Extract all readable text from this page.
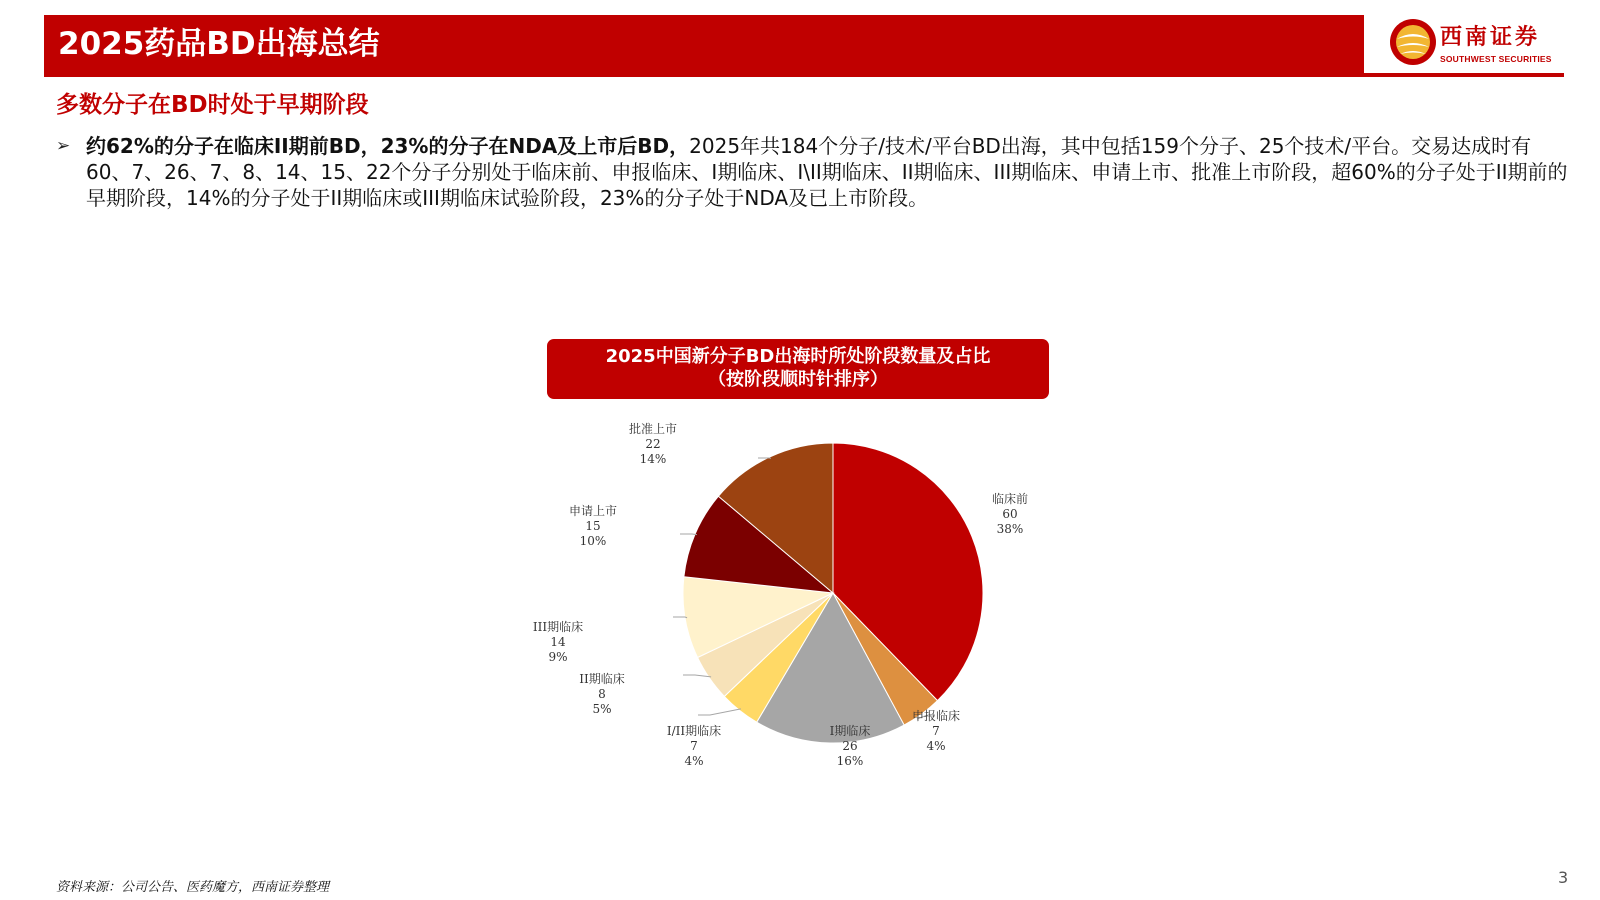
2025药品BD出海总结	西南证券
SOUTHWEST SECURITIES
多数分子在BD时处于早期阶段
➢ 约62%的分子在临床II期前BD，23%的分子在NDA及上市后BD，2025年共184个分子/技术/平台BD出海，其中包括159个分子、25个技术/平台。交易达成时有60、7、26、7、8、14、15、22个分子分别处于临床前、申报临床、I期临床、I\II期临床、II期临床、III期临床、申请上市、批准上市阶段，超60%的分子处于II期前的早期阶段，14%的分子处于II期临床或III期临床试验阶段，23%的分子处于NDA及已上市阶段。
2025中国新分子BD出海时所处阶段数量及占比
（按阶段顺时针排序）
临床前
60
38%
申报临床
7
4%
I期临床
26
16%
I/II期临床
7
4%
II期临床
8
5%
III期临床
14
9%
申请上市
15
10%
批准上市
22
14%
资料来源：公司公告、医药魔方，西南证券整理
3
